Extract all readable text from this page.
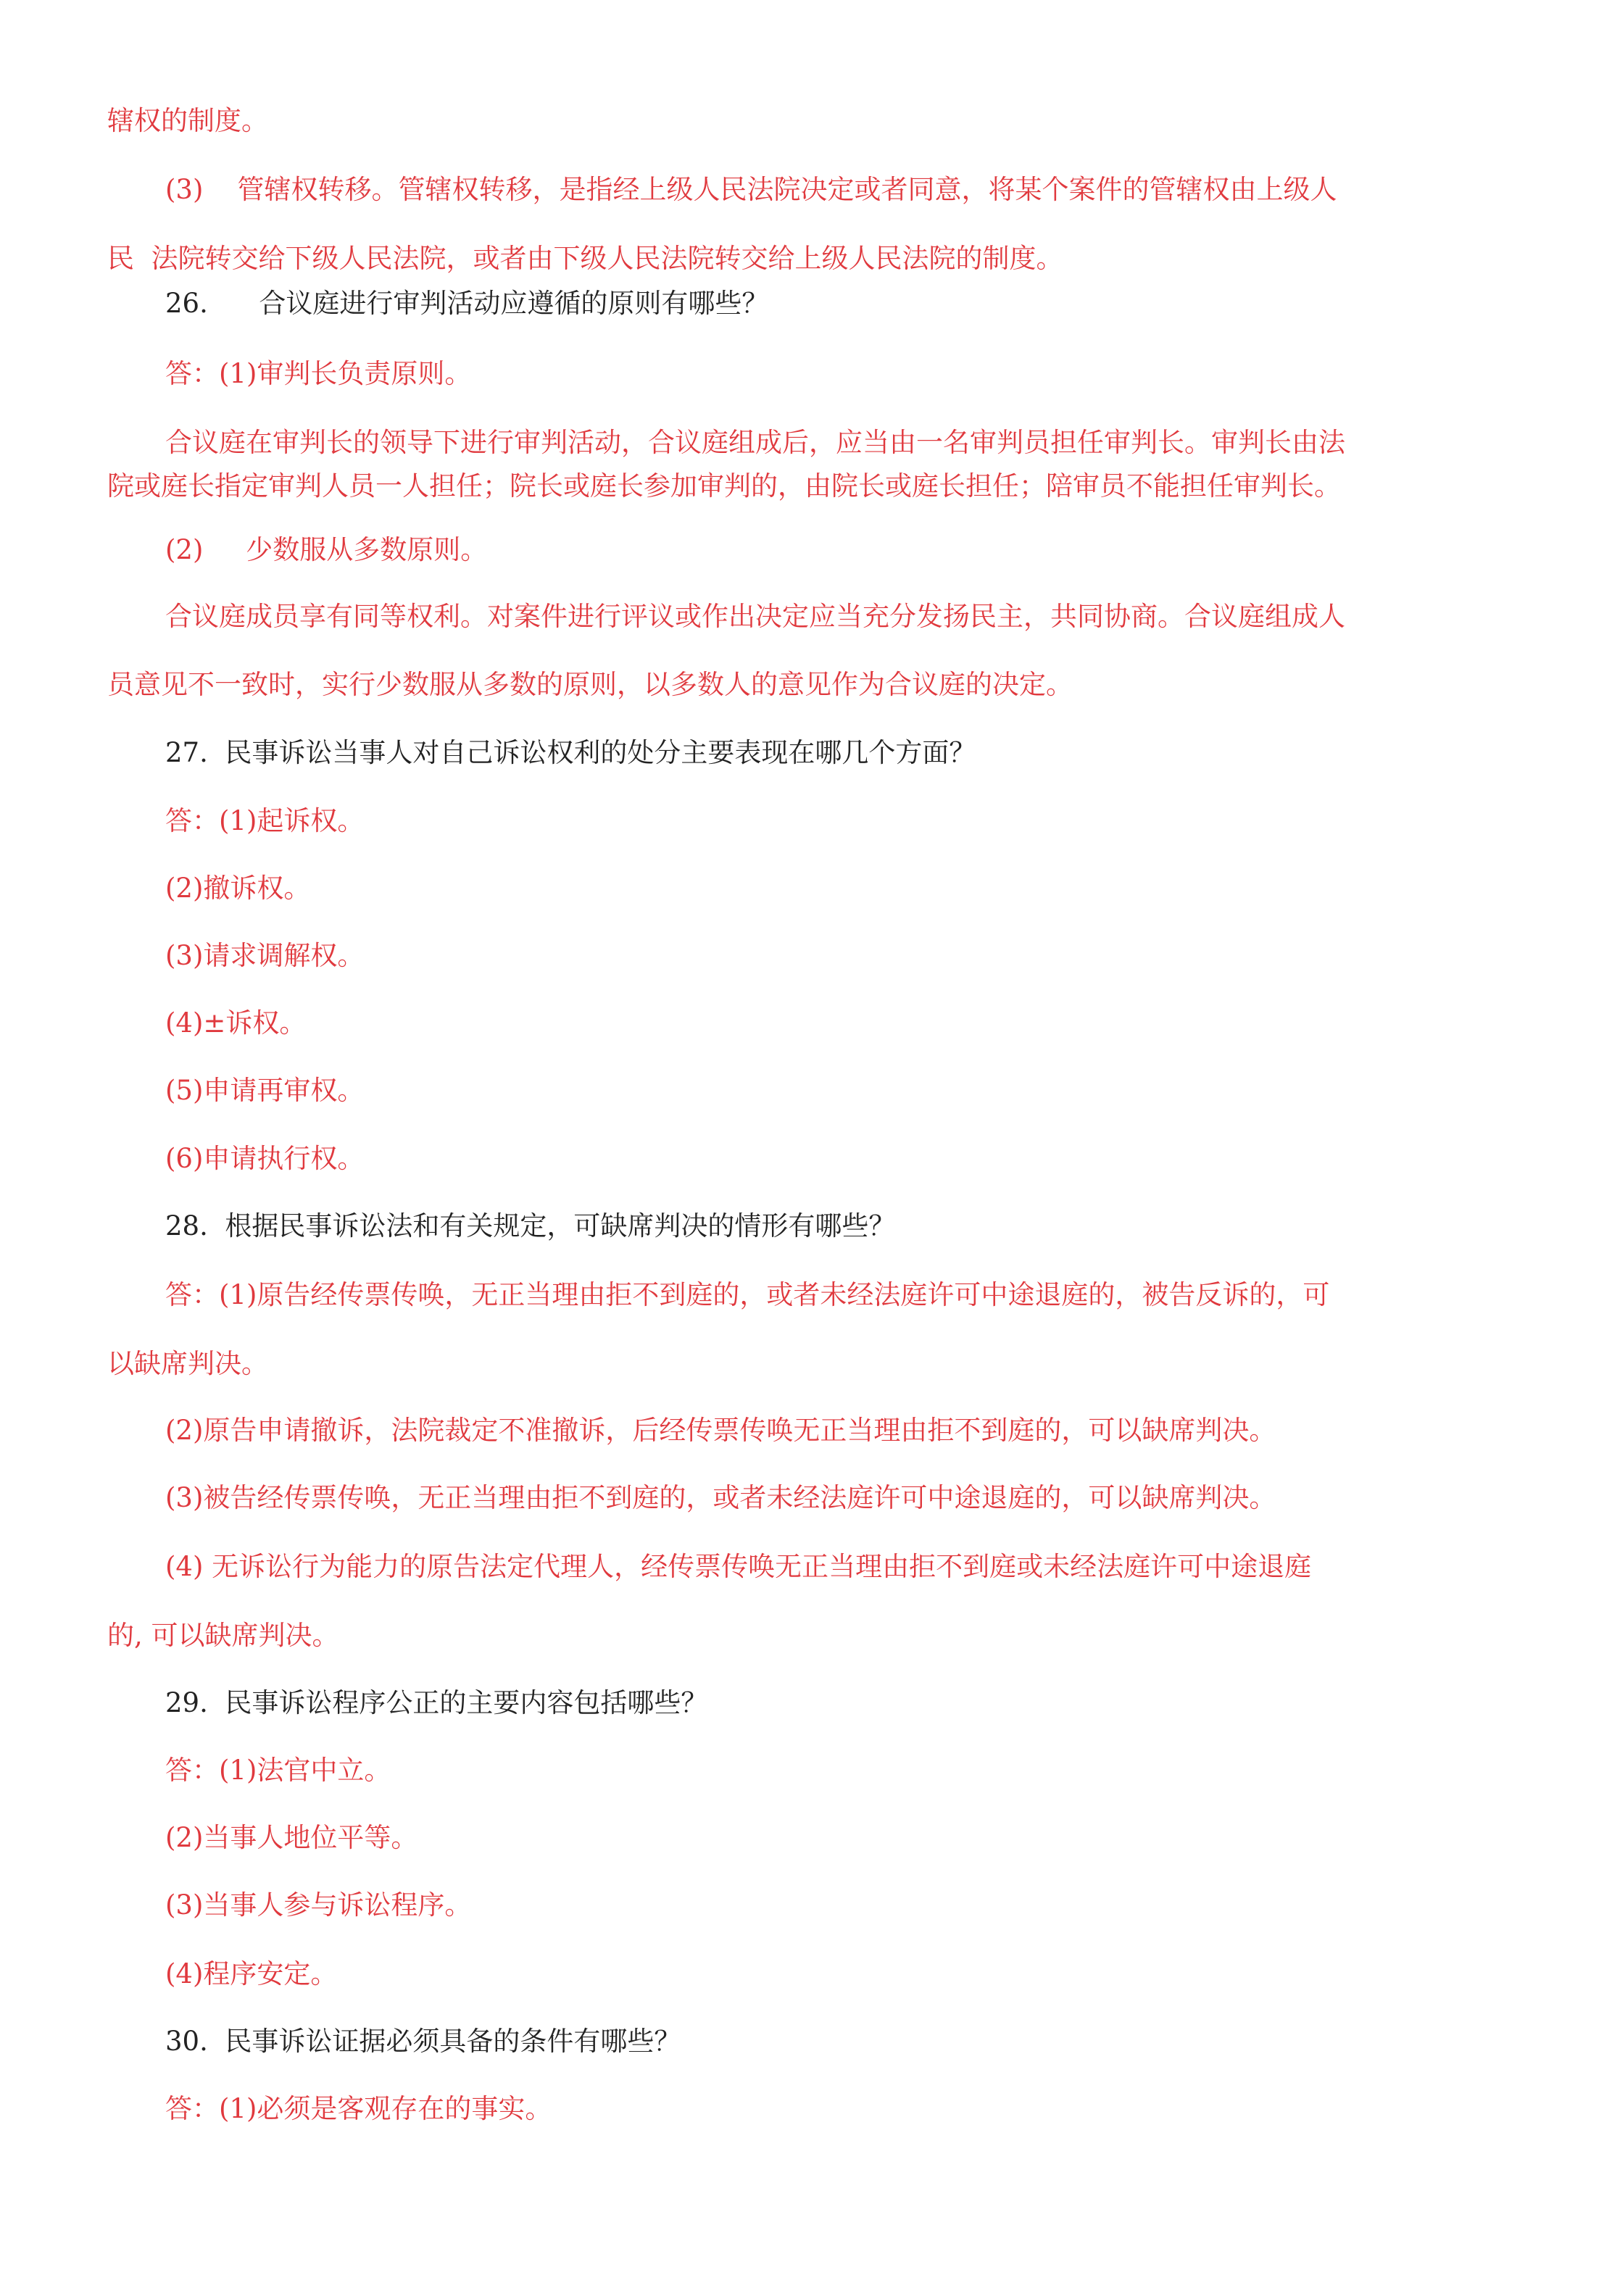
辖权的制度。

(3)    管辖权转移。管辖权转移，是指经上级人民法院决定或者同意，将某个案件的管辖权由上级人

民  法院转交给下级人民法院，或者由下级人民法院转交给上级人民法院的制度。

26.      合议庭进行审判活动应遵循的原则有哪些？

答：(1)审判长负责原则。

合议庭在审判长的领导下进行审判活动，合议庭组成后，应当由一名审判员担任审判长。审判长由法

院或庭长指定审判人员一人担任；院长或庭长参加审判的，由院长或庭长担任；陪审员不能担任审判长。

(2)     少数服从多数原则。

合议庭成员享有同等权利。对案件进行评议或作出决定应当充分发扬民主，共同协商。合议庭组成人

员意见不一致时，实行少数服从多数的原则，以多数人的意见作为合议庭的决定。

27.  民事诉讼当事人对自己诉讼权利的处分主要表现在哪几个方面？

答：(1)起诉权。

(2)撤诉权。

(3)请求调解权。

(4)±诉权。

(5)申请再审权。

(6)申请执行权。

28.  根据民事诉讼法和有关规定，可缺席判决的情形有哪些？

答：(1)原告经传票传唤，无正当理由拒不到庭的，或者未经法庭许可中途退庭的，被告反诉的，可

以缺席判决。

(2)原告申请撤诉，法院裁定不准撤诉，后经传票传唤无正当理由拒不到庭的，可以缺席判决。

(3)被告经传票传唤，无正当理由拒不到庭的，或者未经法庭许可中途退庭的，可以缺席判决。

(4) 无诉讼行为能力的原告法定代理人，经传票传唤无正当理由拒不到庭或未经法庭许可中途退庭

的, 可以缺席判决。

29.  民事诉讼程序公正的主要内容包括哪些？

答：(1)法官中立。

(2)当事人地位平等。

(3)当事人参与诉讼程序。

(4)程序安定。

30.  民事诉讼证据必须具备的条件有哪些？

答：(1)必须是客观存在的事实。
